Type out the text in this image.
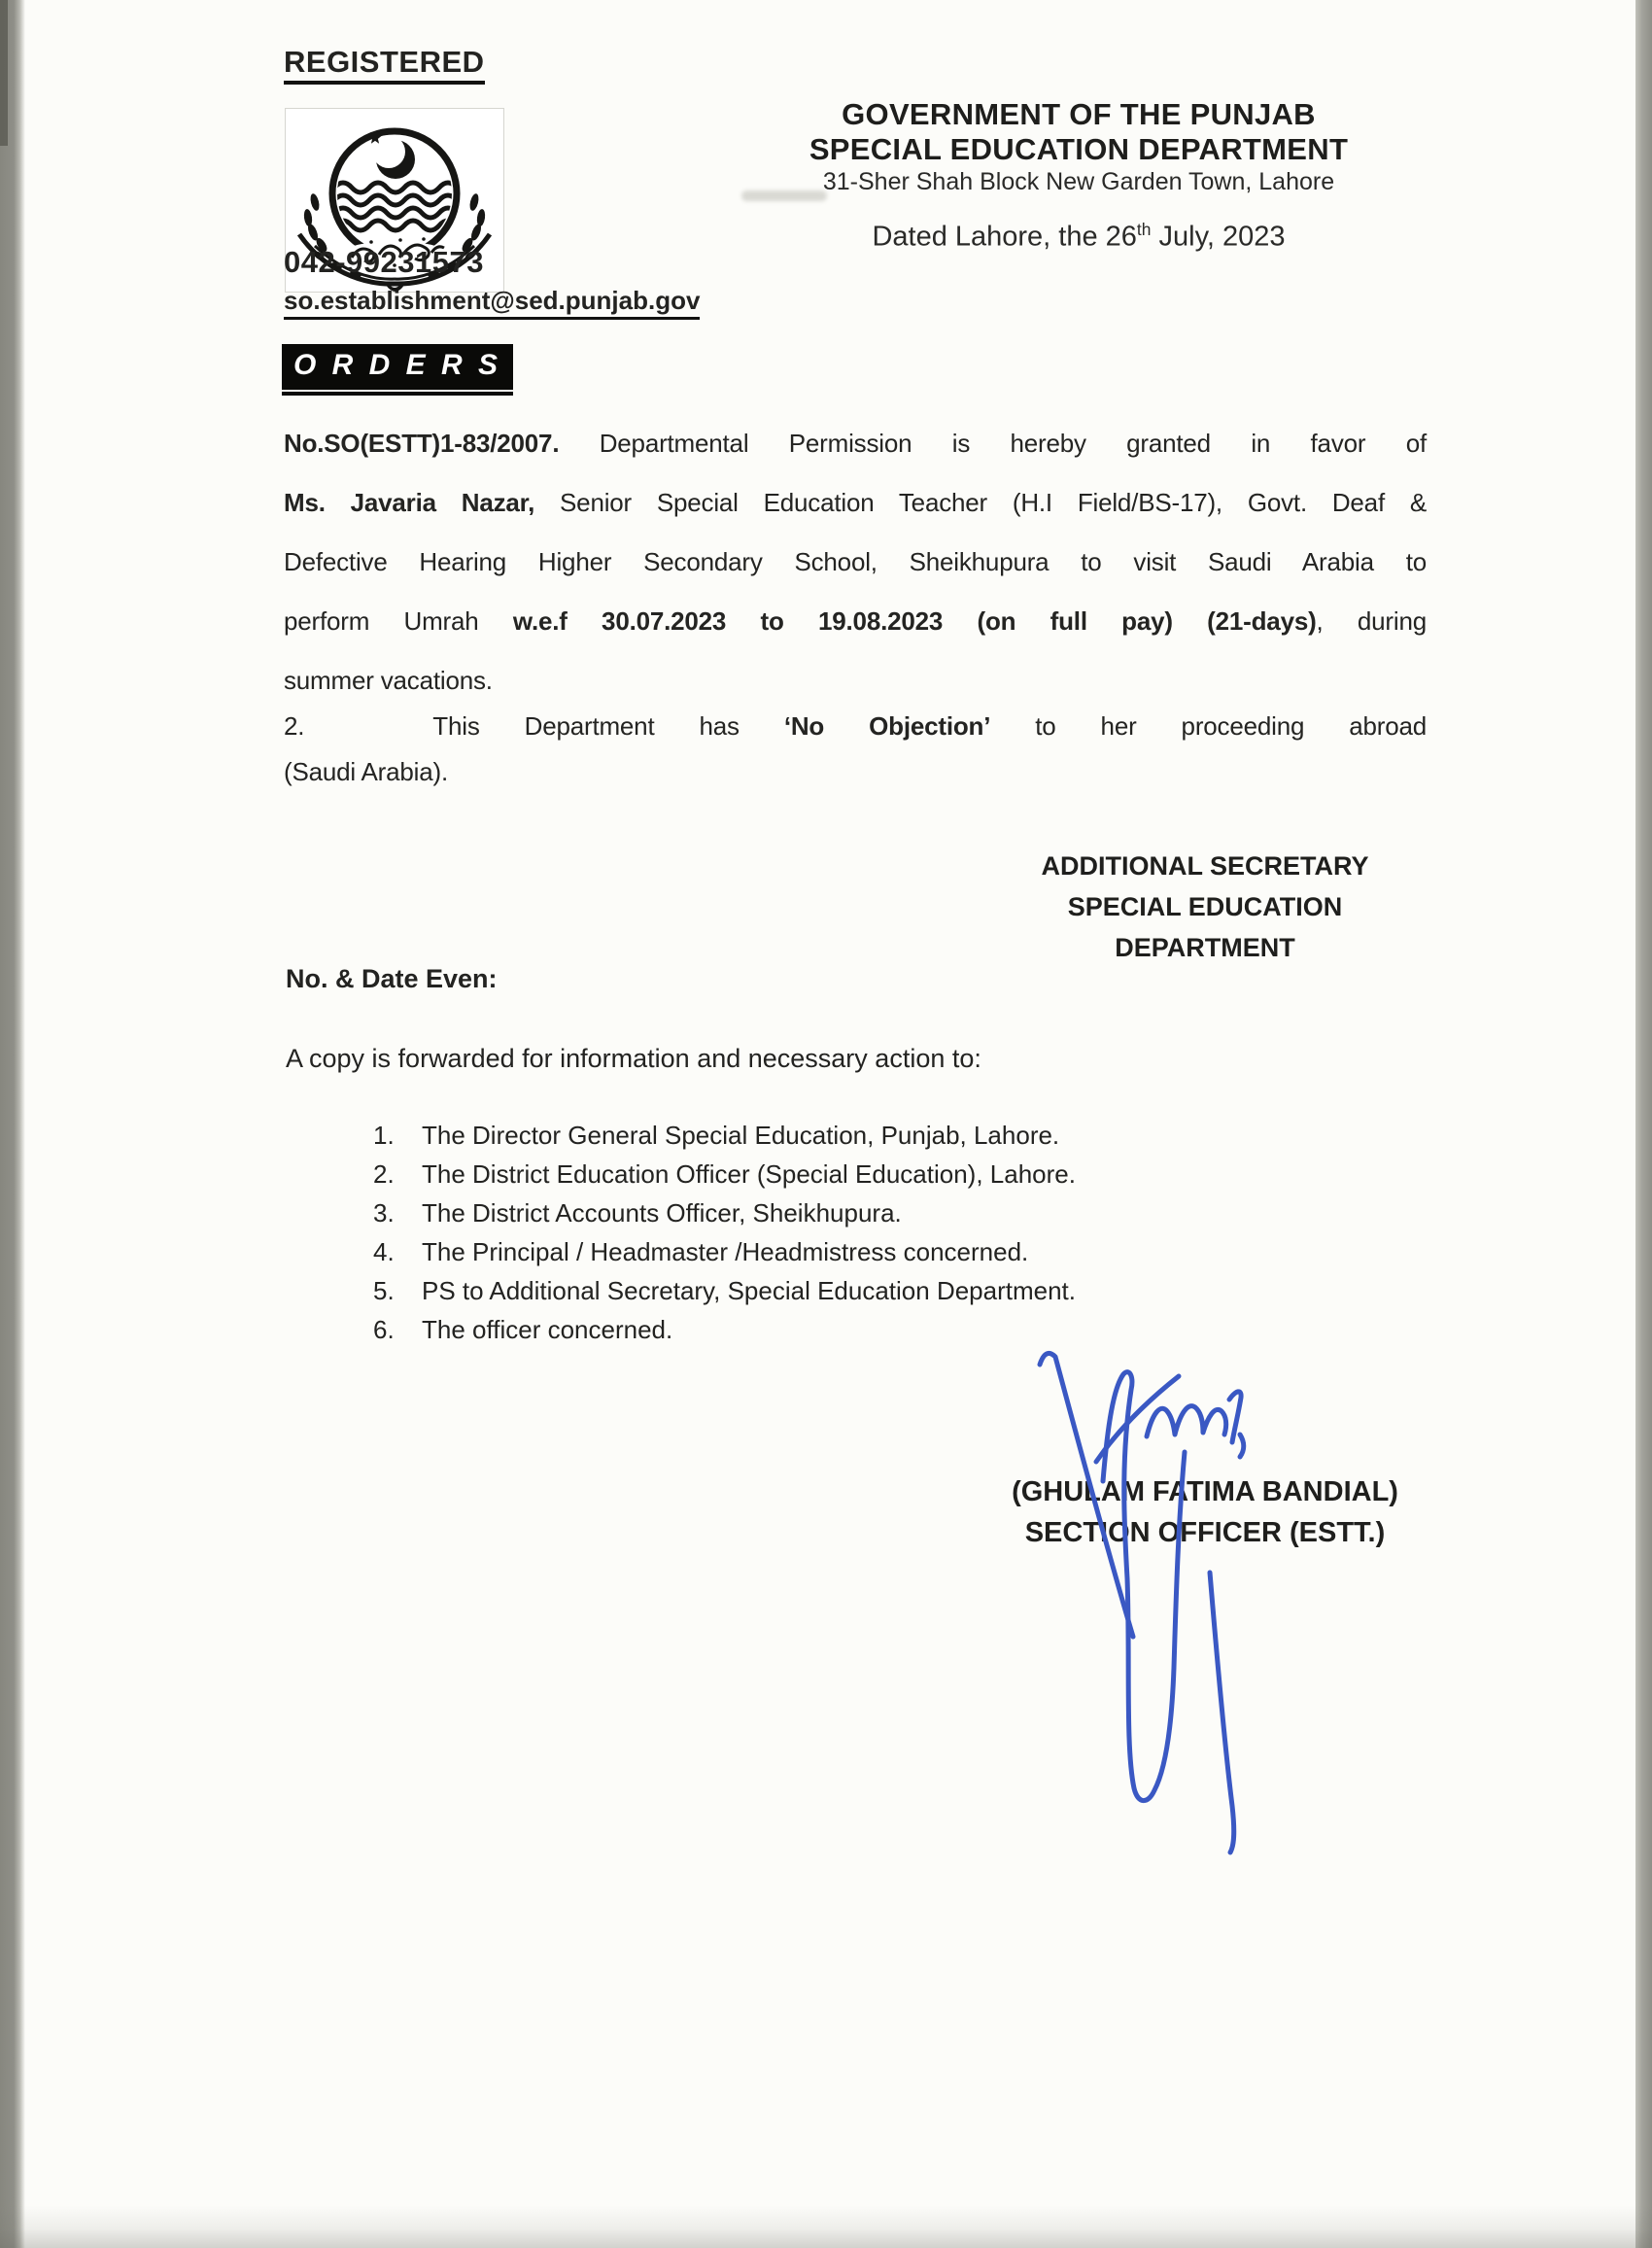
REGISTERED
042-99231573
so.establishment@sed.punjab.gov
GOVERNMENT OF THE PUNJAB
SPECIAL EDUCATION DEPARTMENT
31-Sher Shah Block New Garden Town, Lahore
Dated Lahore, the 26th July, 2023
O R D E R S
No.SO(ESTT)1-83/2007. Departmental Permission is hereby granted in favor of
Ms. Javaria Nazar, Senior Special Education Teacher (H.I Field/BS-17), Govt. Deaf &
Defective Hearing Higher Secondary School, Sheikhupura to visit Saudi Arabia to
perform Umrah w.e.f 30.07.2023 to 19.08.2023 (on full pay) (21-days), during
summer vacations.
2.	This Department has ‘No Objection’ to her proceeding abroad
(Saudi Arabia).
ADDITIONAL SECRETARY
SPECIAL EDUCATION
DEPARTMENT
No. & Date Even:
A copy is forwarded for information and necessary action to:
1.	The Director General Special Education, Punjab, Lahore.
2.	The District Education Officer (Special Education), Lahore.
3.	The District Accounts Officer, Sheikhupura.
4.	The Principal / Headmaster /Headmistress concerned.
5.	PS to Additional Secretary, Special Education Department.
6.	The officer concerned.
(GHULAM FATIMA BANDIAL)
SECTION OFFICER (ESTT.)
